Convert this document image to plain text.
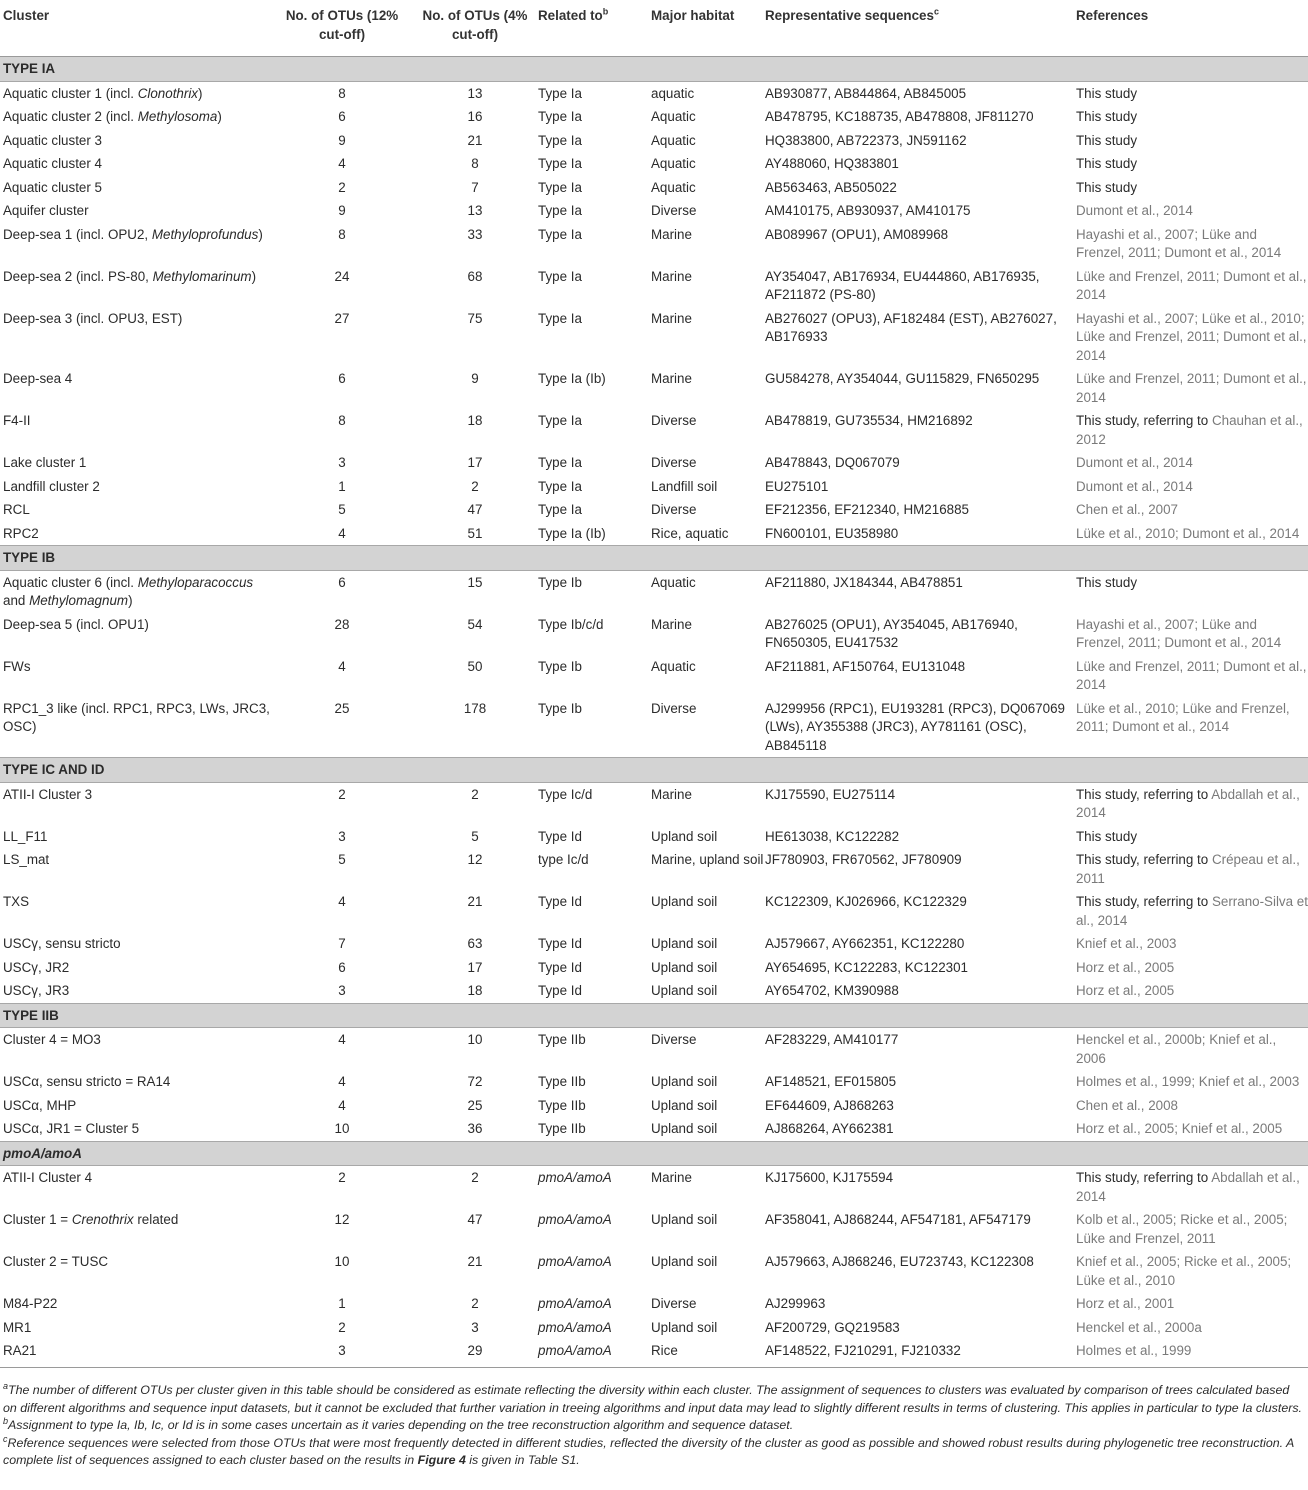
Cluster	No. of OTUs (12% cut-off)	No. of OTUs (4% cut-off)	Related $to^b$	Major habitat	Representative sequences$^c$	References
TYPE IA						
Aquatic cluster 1 (incl. Clonothrix)	8	13	Type Ia	aquatic	AB930877, AB844864, AB845005	This study
Aquatic cluster 2 (incl. Methylosoma)	6	16	Type Ia	Aquatic	AB478795, KC188735, AB478808, JF811270	This study
Aquatic cluster 3	9	21	Type Ia	Aquatic	HQ383800, AB722373, JN591162	This study
Aquatic cluster 4	4	8	Type Ia	Aquatic	AY488060, HQ383801	This study
Aquatic cluster 5	2	7	Type Ia	Aquatic	AB563463, AB505022	This study
Aquifer cluster	9	13	Type Ia	Diverse	AM410175, AB930937, AM410175	Dumont et al., 2014
Deep-sea 1 (incl. OPU2, Methyloprofundus)	8	33	Type Ia	Marine	AB089967 (OPU1), AM089968	Hayashi et al., 2007; Lüke and Frenzel, 2011; Dumont et al., 2014
Deep-sea 2 (incl. PS-80, Methylomarinum)	24	68	Type Ia	Marine	AY354047, AB176934, EU444860, AB176935, AF211872 (PS-80)	Lüke and Frenzel, 2011; Dumont et al., 2014
Deep-sea 3 (incl. OPU3, EST)	27	75	Type Ia	Marine	AB276027 (OPU3), AF182484 (EST), AB276027, AB176933	Hayashi et al., 2007; Lüke et al., 2010; Lüke and Frenzel, 2011; Dumont et al., 2014
Deep-sea 4	6	9	Type Ia (Ib)	Marine	GU584278, AY354044, GU115829, FN650295	Lüke and Frenzel, 2011; Dumont et al., 2014
F4-II	8	18	Type Ia	Diverse	AB478819, GU735534, HM216892	This study, referring to Chauhan et al., 2012
Lake cluster 1	3	17	Type Ia	Diverse	AB478843, DQ067079	Dumont et al., 2014
Landfill cluster 2	1	2	Type Ia	Landfill soil	EU275101	Dumont et al., 2014
RCL	5	47	Type Ia	Diverse	EF212356, EF212340, HM216885	Chen et al., 2007
RPC2	4	51	Type Ia (Ib)	Rice, aquatic	FN600101, EU358980	Lüke et al., 2010; Dumont et al., 2014
TYPE IB						
Aquatic cluster 6 (incl. Methyloparacoccus and Methylomagnum)	6	15	Type Ib	Aquatic	AF211880, JX184344, AB478851	This study
Deep-sea 5 (incl. OPU1)	28	54	Type Ib/c/d	Marine	AB276025 (OPU1), AY354045, AB176940, FN650305, EU417532	Hayashi et al., 2007; Lüke and Frenzel, 2011; Dumont et al., 2014
FWs	4	50	Type Ib	Aquatic	AF211881, AF150764, EU131048	Lüke and Frenzel, 2011; Dumont et al., 2014
RPC1_3 like (incl. RPC1, RPC3, LWs, JRC3, OSC)	25	178	Type Ib	Diverse	AJ299956 (RPC1), EU193281 (RPC3), DQ067069 (LWs), AY355388 (JRC3), AY781161 (OSC), AB845118	Lüke et al., 2010; Lüke and Frenzel, 2011; Dumont et al., 2014
TYPE IC AND ID						
ATII-I Cluster 3	2	2	Type Ic/d	Marine	KJ175590, EU275114	This study, referring to Abdallah et al., 2014
LL_F11	3	5	Type Id	Upland soil	HE613038, KC122282	This study
LS_mat	5	12	type Ic/d	Marine, upland soil	JF780903, FR670562, JF780909	This study, referring to Crépeau et al., 2011
TXS	4	21	Type Id	Upland soil	KC122309, KJ026966, KC122329	This study, referring to Serrano-Silva et al., 2014
USCγ, sensu stricto	7	63	Type Id	Upland soil	AJ579667, AY662351, KC122280	Knief et al., 2003
USCγ, JR2	6	17	Type Id	Upland soil	AY654695, KC122283, KC122301	Horz et al., 2005
USCγ, JR3	3	18	Type Id	Upland soil	AY654702, KM390988	Horz et al., 2005
TYPE IIB						
Cluster 4 = MO3	4	10	Type IIb	Diverse	AF283229, AM410177	Henckel et al., 2000b; Knief et al., 2006
USCα, sensu stricto = RA14	4	72	Type IIb	Upland soil	AF148521, EF015805	Holmes et al., 1999; Knief et al., 2003
USCα, MHP	4	25	Type IIb	Upland soil	EF644609, AJ868263	Chen et al., 2008
USCα, JR1 = Cluster 5	10	36	Type IIb	Upland soil	AJ868264, AY662381	Horz et al., 2005; Knief et al., 2005
pmoA/amoA						
ATII-I Cluster 4	2	2	pmoA/amoA	Marine	KJ175600, KJ175594	This study, referring to Abdallah et al., 2014
Cluster 1 = Crenothrix related	12	47	pmoA/amoA	Upland soil	AF358041, AJ868244, AF547181, AF547179	Kolb et al., 2005; Ricke et al., 2005; Lüke and Frenzel, 2011
Cluster 2 = TUSC	10	21	pmoA/amoA	Upland soil	AJ579663, AJ868246, EU723743, KC122308	Knief et al., 2005; Ricke et al., 2005; Lüke et al., 2010
M84-P22	1	2	pmoA/amoA	Diverse	AJ299963	Horz et al., 2001
MR1	2	3	pmoA/amoA	Upland soil	AF200729, GQ219583	Henckel et al., 2000a
RA21	3	29	pmoA/amoA	Rice	AF148522, FJ210291, FJ210332	Holmes et al., 1999

$^a$The number of different OTUs per cluster given in this table should be considered as estimate reflecting the diversity within each cluster. The assignment of sequences to clusters was evaluated by comparison of trees calculated based on different algorithms and sequence input datasets, but it cannot be excluded that further variation in treeing algorithms and input data may lead to slightly different results in terms of clustering. This applies in particular to type Ia clusters.

$^b$Assignment to type Ia, Ib, Ic, or Id is in some cases uncertain as it varies depending on the tree reconstruction algorithm and sequence dataset.

$^c$Reference sequences were selected from those OTUs that were most frequently detected in different studies, reflected the diversity of the cluster as good as possible and showed robust results during phylogenetic tree reconstruction. A complete list of sequences assigned to each cluster based on the results in Figure 4 is given in Table S1.
